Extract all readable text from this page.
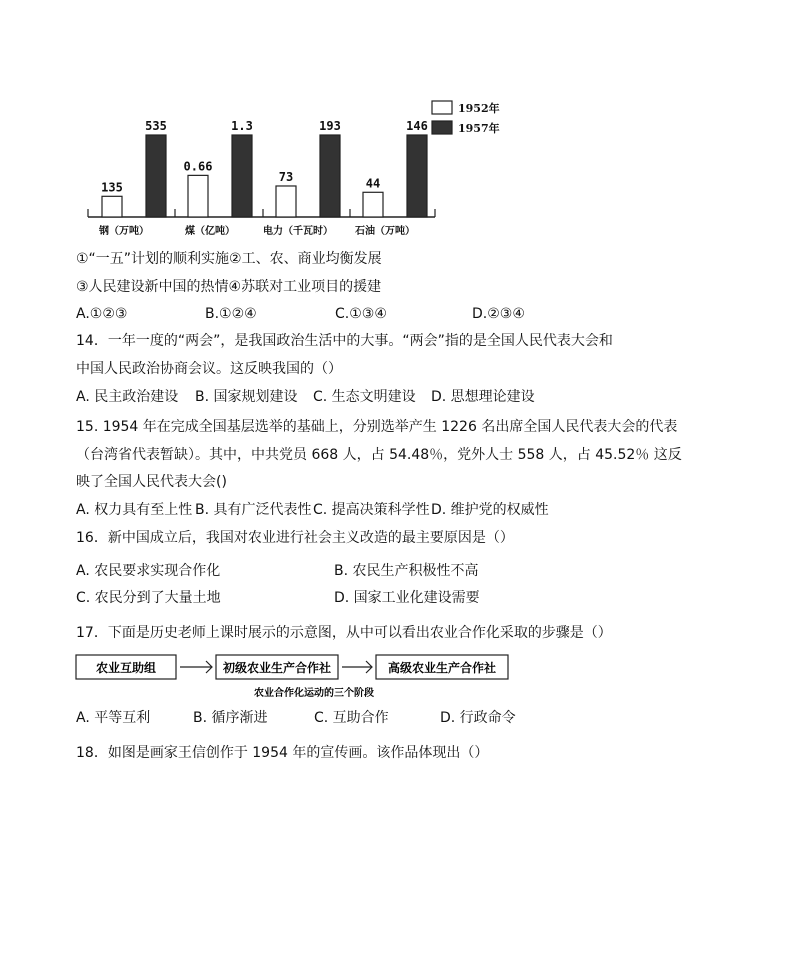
135
535
钢（万吨）
0.66
1.3
煤（亿吨）
73
193
电力（千瓦时）
44
146
石油（万吨）
1952年
1957年
①“一五”计划的顺利实施②工、农、商业均衡发展
③人民建设新中国的热情④苏联对工业项目的援建
A.①②③	B.①②④	C.①③④	D.②③④
14．一年一度的“两会”，是我国政治生活中的大事。“两会”指的是全国人民代表大会和
中国人民政治协商会议。这反映我国的（）
A. 民主政治建设 B. 国家规划建设 C. 生态文明建设 D. 思想理论建设
15. 1954 年在完成全国基层选举的基础上，分别选举产生 1226 名出席全国人民代表大会的代表
（台湾省代表暂缺）。其中，中共党员 668 人，占 54.48％，党外人士 558 人，占 45.52％ 这反
映了全国人民代表大会()
A. 权力具有至上性 B. 具有广泛代表性 C. 提高决策科学性 D. 维护党的权威性
16．新中国成立后，我国对农业进行社会主义改造的最主要原因是（）
A. 农民要求实现合作化	B. 农民生产积极性不高
C. 农民分到了大量土地	D. 国家工业化建设需要
17．下面是历史老师上课时展示的示意图，从中可以看出农业合作化采取的步骤是（）
农业互助组	初级农业生产合作社	高级农业生产合作社
农业合作化运动的三个阶段
A. 平等互利	B. 循序渐进	C. 互助合作	D. 行政命令
18．如图是画家王信创作于 1954 年的宣传画。该作品体现出（）
